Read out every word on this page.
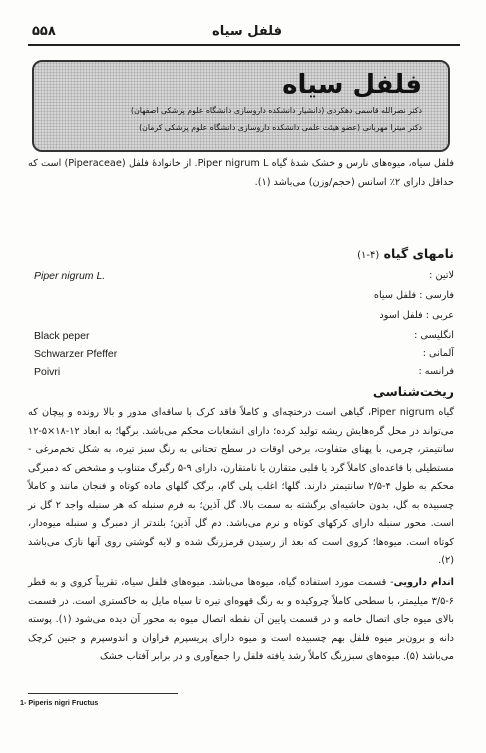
۵۵۸	فلفل سیاه
فلفل سیاه
دکتر نصرالله قاسمی دهکردی (دانشیار دانشکده داروسازی دانشگاه علوم پزشکی اصفهان)
دکتر میترا مهربانی (عضو هیئت علمی دانشکده داروسازی دانشگاه علوم پزشکی کرمان)
فلفل سیاه، میوه‌های نارس و خشک شدهٔ گیاه Piper nigrum L. از خانوادهٔ فلفل (Piperaceae) است که حداقل دارای ۲٪ اسانس (حجم/وزن) می‌باشد (۱).
نامهای گیاه (۴-۱)
لاتین :
Piper nigrum L.
فارسی : فلفل سیاه
عربی : فلفل اسود
انگلیسی :
Black peper
آلمانی :
Schwarzer Pfeffer
ریخت‌شناسی
گیاه Piper nigrum، گیاهی است درختچه‌ای و کاملاً فاقد کرک با ساقه‌ای مدور و بالا رونده و پیچان که می‌تواند در محل گره‌هایش ریشه تولید کرده؛ دارای انشعابات محکم می‌باشد. برگها؛ به ابعاد ۱۲-۱۸×۵-۱۲ سانتیمتر، چرمی، با پهنای متفاوت، برخی اوقات در سطح تحتانی به رنگ سبز تیره، به شکل تخم‌مرغی - مستطیلی با قاعده‌ای کاملاً گرد یا قلبی متقارن یا نامتقارن، دارای ۹-۵ رگبرگ متناوب و مشخص که دمبرگی محکم به طول ۴-۲/۵ سانتیمتر دارند. گلها؛ اغلب پلی گام، برگک گلهای ماده کوتاه و فنجان مانند و کاملاً چسبیده به گل، بدون حاشیه‌ای برگشته به سمت بالا. گل آذین؛ به فرم سنبله که هر سنبله واجد ۲ گل نر است. محور سنبله دارای کرکهای کوتاه و نرم می‌باشد. دم گل آذین؛ بلندتر از دمبرگ و سنبله میوه‌دار، کوتاه است. میوه‌ها؛ کروی است که بعد از رسیدن قرمزرنگ شده و لایه گوشتی روی آنها نازک می‌باشد (۲).
اندام دارویی- قسمت مورد استفاده گیاه، میوه‌ها می‌باشد. میوه‌های فلفل سیاه، تقریباً کروی و به قطر ۶-۳/۵ میلیمتر، با سطحی کاملاً چروکیده و به رنگ قهوه‌ای تیره تا سیاه مایل به خاکستری است. در قسمت بالای میوه جای اتصال خامه و در قسمت پایین آن نقطه اتصال میوه به محور آن دیده می‌شود (۱). پوسته دانه و برون‌بر میوه فلفل بهم چسبیده است و میوه دارای پریسپرم فراوان و اندوسپرم و جنین کرچک می‌باشد (۵). میوه‌های سبزرنگ کاملاً رشد یافته فلفل را جمع‌آوری و در برابر آفتاب خشک
1- Piperis nigri Fructus
فرانسه :
Poivri
